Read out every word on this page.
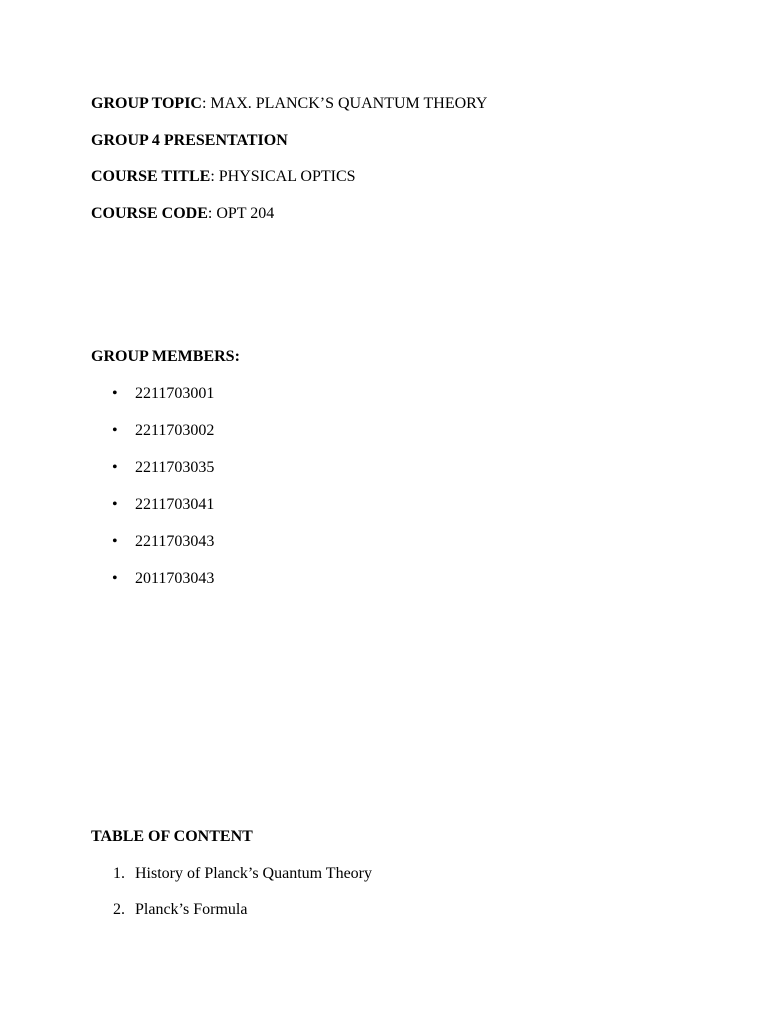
GROUP TOPIC: MAX. PLANCK’S QUANTUM THEORY
GROUP 4 PRESENTATION
COURSE TITLE: PHYSICAL OPTICS
COURSE CODE: OPT 204
GROUP MEMBERS:
• 2211703001
• 2211703002
• 2211703035
• 2211703041
• 2211703043
• 2011703043
TABLE OF CONTENT
1. History of Planck’s Quantum Theory
2. Planck’s Formula
